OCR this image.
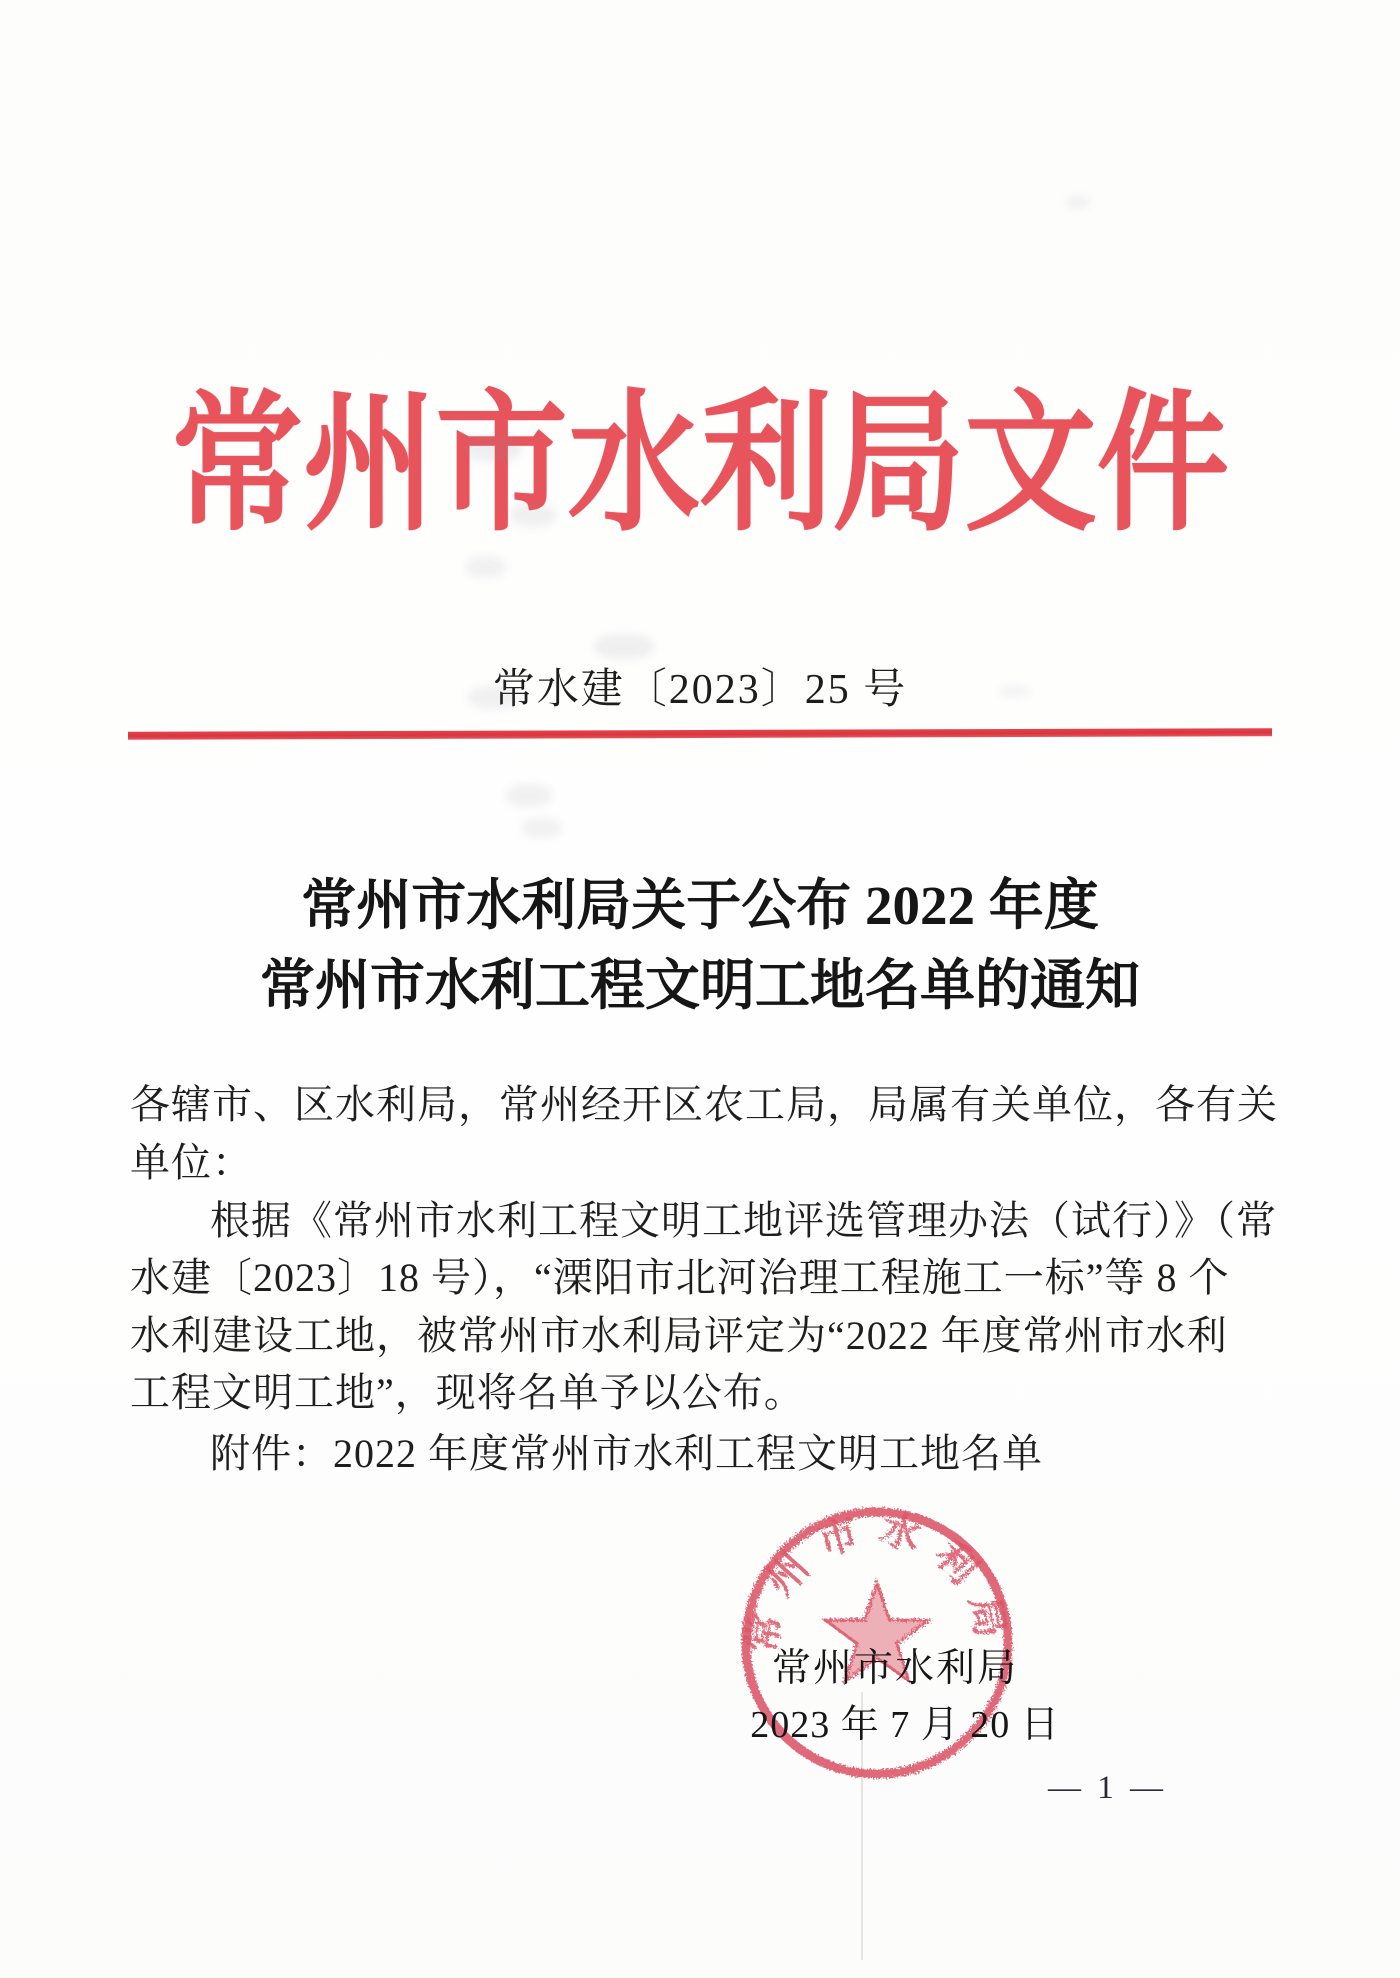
常州市水利局文件
常水建〔2023〕25 号
常州市水利局关于公布 2022 年度
常州市水利工程文明工地名单的通知
各辖市、区水利局，常州经开区农工局，局属有关单位，各有关
单位：
根据《常州市水利工程文明工地评选管理办法（试行）》（常
水建〔2023〕18 号），“溧阳市北河治理工程施工一标”等 8 个
水利建设工地，被常州市水利局评定为“2022 年度常州市水利
工程文明工地”，现将名单予以公布。
附件：2022 年度常州市水利工程文明工地名单
常州市水利局
常州市水利局
2023 年 7 月 20 日
— 1 —
